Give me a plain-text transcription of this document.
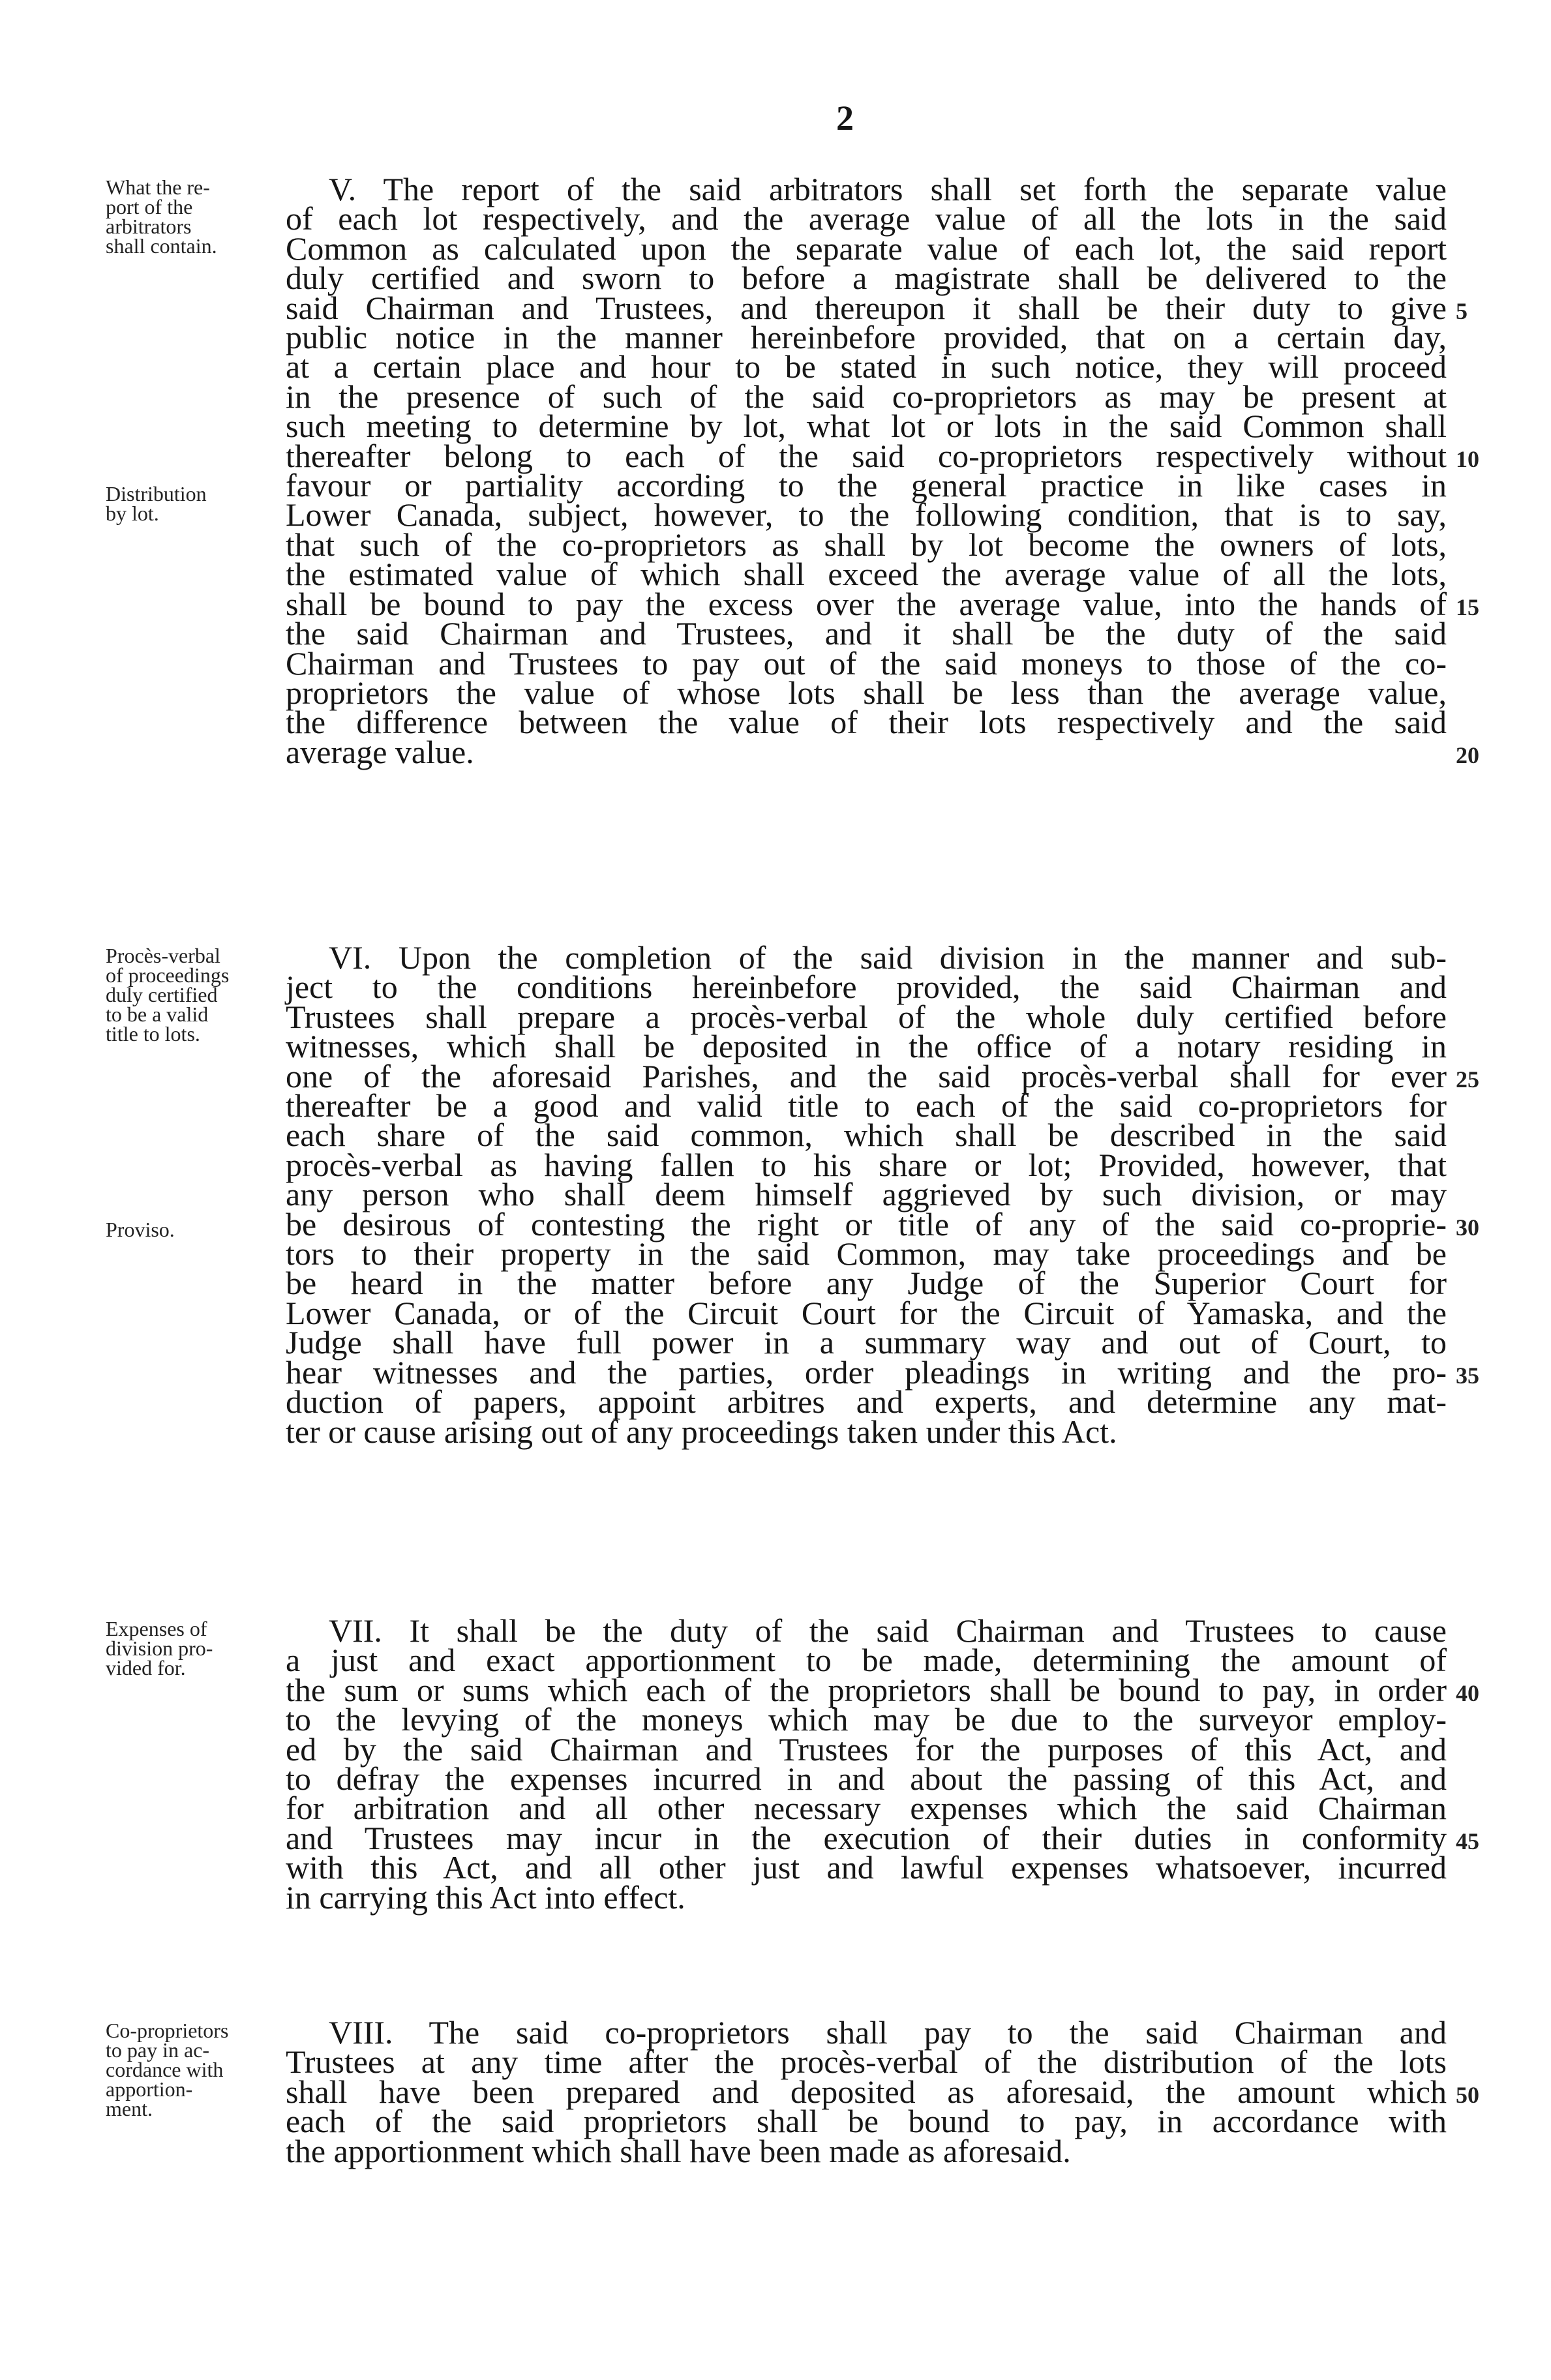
2
What the re-
port of the
arbitrators
shall contain.
Distribution
by lot.
V. The report of the said arbitrators shall set forth the separate value
of each lot respectively, and the average value of all the lots in the said
Common as calculated upon the separate value of each lot, the said report
duly certified and sworn to before a magistrate shall be delivered to the
said Chairman and Trustees, and thereupon it shall be their duty to give
public notice in the manner hereinbefore provided, that on a certain day,
at a certain place and hour to be stated in such notice, they will proceed
in the presence of such of the said co-proprietors as may be present at
such meeting to determine by lot, what lot or lots in the said Common shall
thereafter belong to each of the said co-proprietors respectively without
favour or partiality according to the general practice in like cases in
Lower Canada, subject, however, to the following condition, that is to say,
that such of the co-proprietors as shall by lot become the owners of lots,
the estimated value of which shall exceed the average value of all the lots,
shall be bound to pay the excess over the average value, into the hands of
the said Chairman and Trustees, and it shall be the duty of the said
Chairman and Trustees to pay out of the said moneys to those of the co-
proprietors the value of whose lots shall be less than the average value,
the difference between the value of their lots respectively and the said
average value.
5
10
15
20
Procès-verbal
of proceedings
duly certified
to be a valid
title to lots.
Proviso.
VI. Upon the completion of the said division in the manner and sub-
ject to the conditions hereinbefore provided, the said Chairman and
Trustees shall prepare a procès-verbal of the whole duly certified before
witnesses, which shall be deposited in the office of a notary residing in
one of the aforesaid Parishes, and the said procès-verbal shall for ever
thereafter be a good and valid title to each of the said co-proprietors for
each share of the said common, which shall be described in the said
procès-verbal as having fallen to his share or lot; Provided, however, that
any person who shall deem himself aggrieved by such division, or may
be desirous of contesting the right or title of any of the said co-proprie-
tors to their property in the said Common, may take proceedings and be
be heard in the matter before any Judge of the Superior Court for
Lower Canada, or of the Circuit Court for the Circuit of Yamaska, and the
Judge shall have full power in a summary way and out of Court, to
hear witnesses and the parties, order pleadings in writing and the pro-
duction of papers, appoint arbitres and experts, and determine any mat-
ter or cause arising out of any proceedings taken under this Act.
25
30
35
Expenses of
division pro-
vided for.
VII. It shall be the duty of the said Chairman and Trustees to cause
a just and exact apportionment to be made, determining the amount of
the sum or sums which each of the proprietors shall be bound to pay, in order
to the levying of the moneys which may be due to the surveyor employ-
ed by the said Chairman and Trustees for the purposes of this Act, and
to defray the expenses incurred in and about the passing of this Act, and
for arbitration and all other necessary expenses which the said Chairman
and Trustees may incur in the execution of their duties in conformity
with this Act, and all other just and lawful expenses whatsoever, incurred
in carrying this Act into effect.
40
45
Co-proprietors
to pay in ac-
cordance with
apportion-
ment.
VIII. The said co-proprietors shall pay to the said Chairman and
Trustees at any time after the procès-verbal of the distribution of the lots
shall have been prepared and deposited as aforesaid, the amount which
each of the said proprietors shall be bound to pay, in accordance with
the apportionment which shall have been made as aforesaid.
50
